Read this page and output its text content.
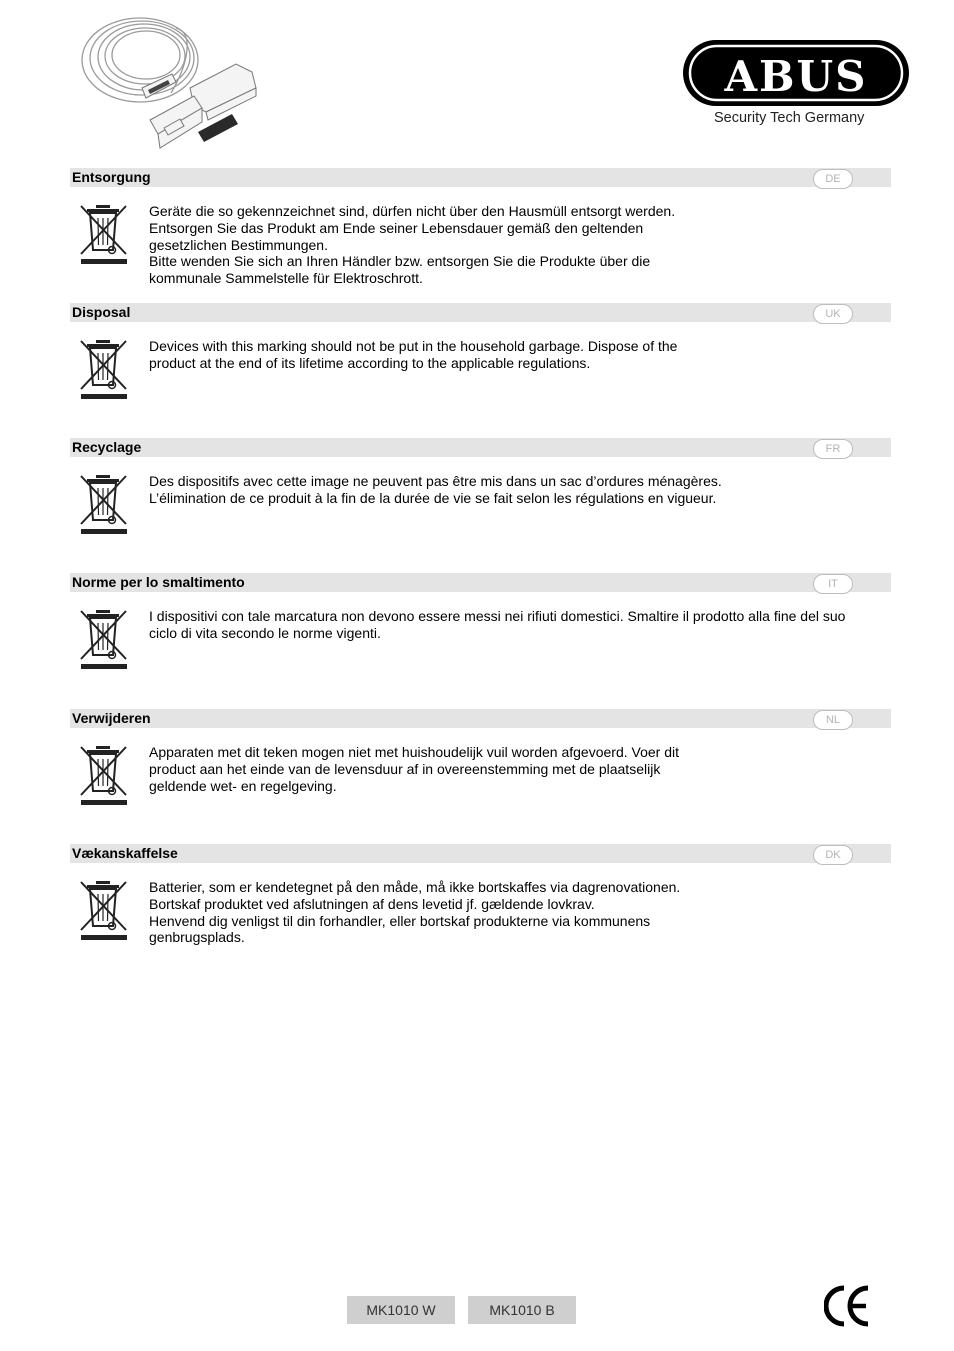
ABUS
Security Tech Germany
Entsorgung	DE
Geräte die so gekennzeichnet sind, dürfen nicht über den Hausmüll entsorgt werden.
Entsorgen Sie das Produkt am Ende seiner Lebensdauer gemäß den geltenden
gesetzlichen Bestimmungen.
Bitte wenden Sie sich an Ihren Händler bzw. entsorgen Sie die Produkte über die
kommunale Sammelstelle für Elektroschrott.
Disposal	UK
Devices with this marking should not be put in the household garbage. Dispose of the
product at the end of its lifetime according to the applicable regulations.
Recyclage	FR
Des dispositifs avec cette image ne peuvent pas être mis dans un sac d’ordures ménagères.
L’élimination de ce produit à la fin de la durée de vie se fait selon les régulations en vigueur.
Norme per lo smaltimento	IT
I dispositivi con tale marcatura non devono essere messi nei rifiuti domestici. Smaltire il prodotto alla fine del suo
ciclo di vita secondo le norme vigenti.
Verwijderen	NL
Apparaten met dit teken mogen niet met huishoudelijk vuil worden afgevoerd. Voer dit
product aan het einde van de levensduur af in overeenstemming met de plaatselijk
geldende wet- en regelgeving.
Vækanskaffelse	DK
Batterier, som er kendetegnet på den måde, må ikke bortskaffes via dagrenovationen.
Bortskaf produktet ved afslutningen af dens levetid jf. gældende lovkrav.
Henvend dig venligst til din forhandler, eller bortskaf produkterne via kommunens
genbrugsplads.
MK1010 W	MK1010 B
